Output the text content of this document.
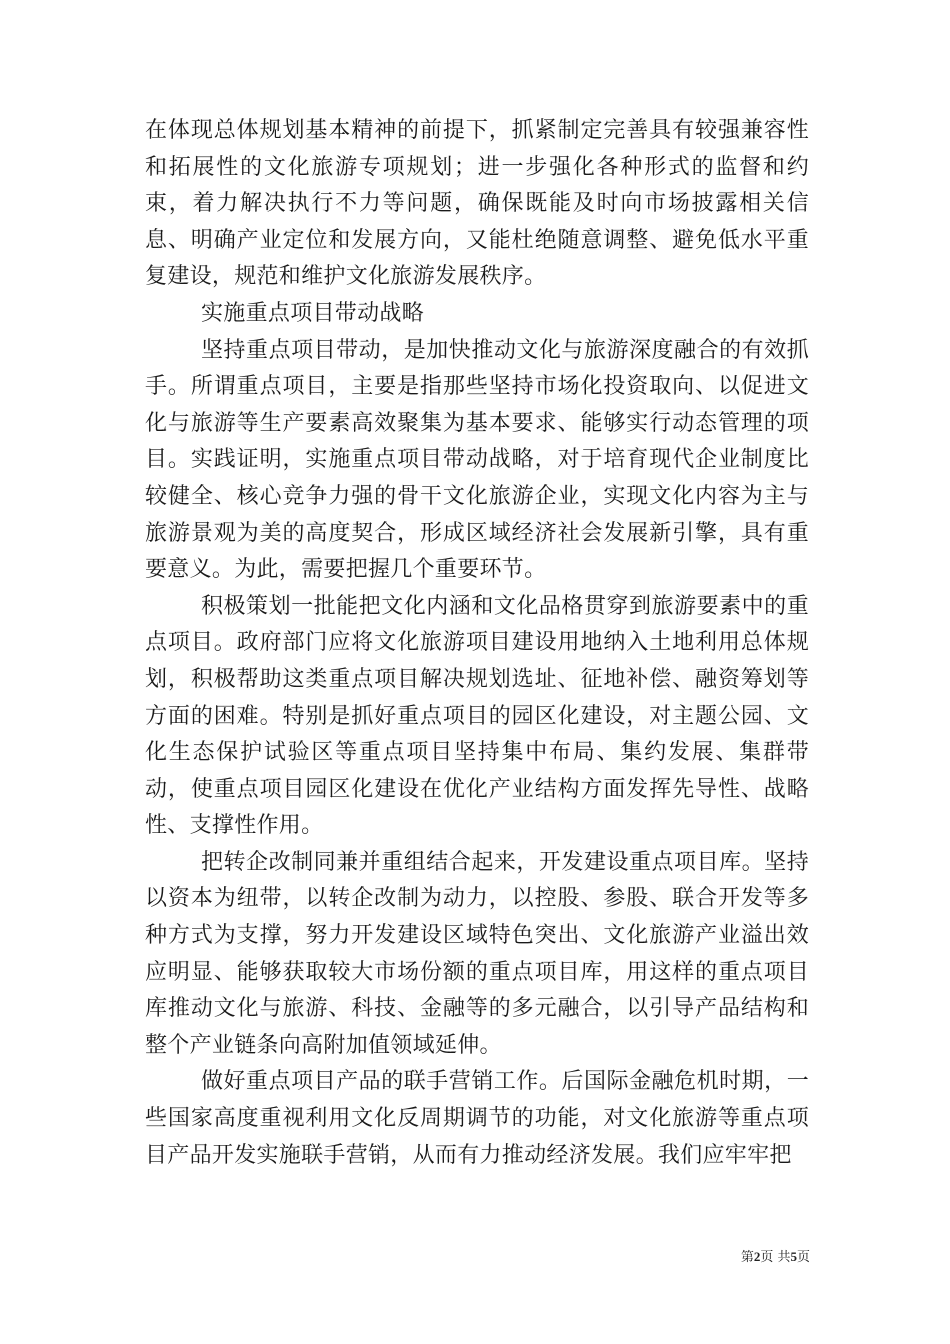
在体现总体规划基本精神的前提下，抓紧制定完善具有较强兼容性和拓展性的文化旅游专项规划；进一步强化各种形式的监督和约束，着力解决执行不力等问题，确保既能及时向市场披露相关信息、明确产业定位和发展方向，又能杜绝随意调整、避免低水平重复建设，规范和维护文化旅游发展秩序。

实施重点项目带动战略

坚持重点项目带动，是加快推动文化与旅游深度融合的有效抓手。所谓重点项目，主要是指那些坚持市场化投资取向、以促进文化与旅游等生产要素高效聚集为基本要求、能够实行动态管理的项目。实践证明，实施重点项目带动战略，对于培育现代企业制度比较健全、核心竞争力强的骨干文化旅游企业，实现文化内容为主与旅游景观为美的高度契合，形成区域经济社会发展新引擎，具有重要意义。为此，需要把握几个重要环节。

积极策划一批能把文化内涵和文化品格贯穿到旅游要素中的重点项目。政府部门应将文化旅游项目建设用地纳入土地利用总体规划，积极帮助这类重点项目解决规划选址、征地补偿、融资筹划等方面的困难。特别是抓好重点项目的园区化建设，对主题公园、文化生态保护试验区等重点项目坚持集中布局、集约发展、集群带动，使重点项目园区化建设在优化产业结构方面发挥先导性、战略性、支撑性作用。

把转企改制同兼并重组结合起来，开发建设重点项目库。坚持以资本为纽带，以转企改制为动力，以控股、参股、联合开发等多种方式为支撑，努力开发建设区域特色突出、文化旅游产业溢出效应明显、能够获取较大市场份额的重点项目库，用这样的重点项目库推动文化与旅游、科技、金融等的多元融合，以引导产品结构和整个产业链条向高附加值领域延伸。

做好重点项目产品的联手营销工作。后国际金融危机时期，一些国家高度重视利用文化反周期调节的功能，对文化旅游等重点项目产品开发实施联手营销，从而有力推动经济发展。我们应牢牢把

第2页 共5页
